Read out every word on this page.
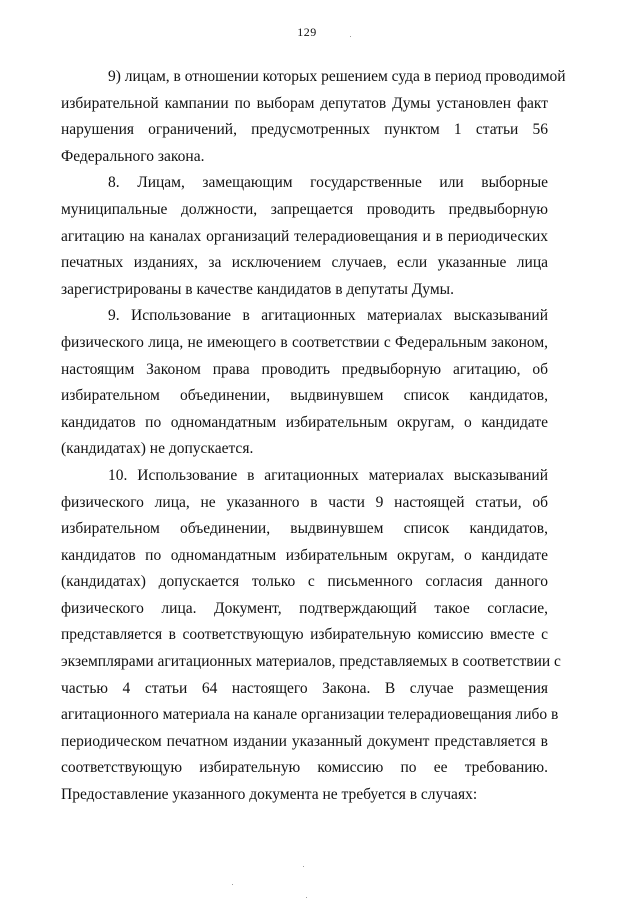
129

9) лицам, в отношении которых решением суда в период проводимой
избирательной кампании по выборам депутатов Думы установлен факт
нарушения ограничений, предусмотренных пунктом 1 статьи 56
Федерального закона.

8. Лицам, замещающим государственные или выборные
муниципальные должности, запрещается проводить предвыборную
агитацию на каналах организаций телерадиовещания и в периодических
печатных изданиях, за исключением случаев, если указанные лица
зарегистрированы в качестве кандидатов в депутаты Думы.

9. Использование в агитационных материалах высказываний
физического лица, не имеющего в соответствии с Федеральным законом,
настоящим Законом права проводить предвыборную агитацию, об
избирательном объединении, выдвинувшем список кандидатов,
кандидатов по одномандатным избирательным округам, о кандидате
(кандидатах) не допускается.

10. Использование в агитационных материалах высказываний
физического лица, не указанного в части 9 настоящей статьи, об
избирательном объединении, выдвинувшем список кандидатов,
кандидатов по одномандатным избирательным округам, о кандидате
(кандидатах) допускается только с письменного согласия данного
физического лица. Документ, подтверждающий такое согласие,
представляется в соответствующую избирательную комиссию вместе с
экземплярами агитационных материалов, представляемых в соответствии с
частью 4 статьи 64 настоящего Закона. В случае размещения
агитационного материала на канале организации телерадиовещания либо в
периодическом печатном издании указанный документ представляется в
соответствующую избирательную комиссию по ее требованию.
Предоставление указанного документа не требуется в случаях:
